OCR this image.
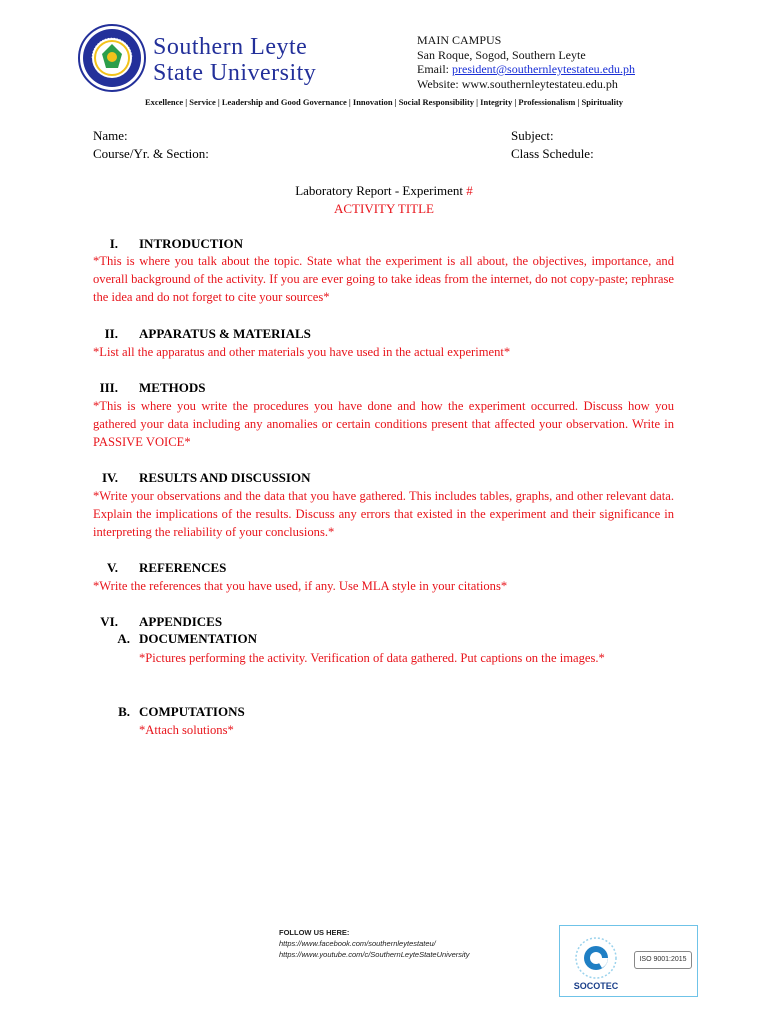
Southern Leyte
State University
MAIN CAMPUS
San Roque, Sogod, Southern Leyte
Email: president@southernleytestateu.edu.ph
Website: www.southernleytestateu.edu.ph
Excellence | Service | Leadership and Good Governance | Innovation | Social Responsibility | Integrity | Professionalism | Spirituality
Name:
Course/Yr. & Section:
Subject:
Class Schedule:
Laboratory Report - Experiment #
ACTIVITY TITLE
I. INTRODUCTION
*This is where you talk about the topic. State what the experiment is all about, the objectives, importance, and overall background of the activity. If you are ever going to take ideas from the internet, do not copy-paste; rephrase the idea and do not forget to cite your sources*
II. APPARATUS & MATERIALS
*List all the apparatus and other materials you have used in the actual experiment*
III. METHODS
*This is where you write the procedures you have done and how the experiment occurred. Discuss how you gathered your data including any anomalies or certain conditions present that affected your observation. Write in PASSIVE VOICE*
IV. RESULTS AND DISCUSSION
*Write your observations and the data that you have gathered. This includes tables, graphs, and other relevant data. Explain the implications of the results. Discuss any errors that existed in the experiment and their significance in interpreting the reliability of your conclusions.*
V. REFERENCES
*Write the references that you have used, if any. Use MLA style in your citations*
VI. APPENDICES
A. DOCUMENTATION
*Pictures performing the activity. Verification of data gathered. Put captions on the images.*
B. COMPUTATIONS
*Attach solutions*
FOLLOW US HERE:
https://www.facebook.com/southernleytestateu/
https://www.youtube.com/c/SouthernLeyteStateUniversity
SOCOTEC
ISO 9001:2015
